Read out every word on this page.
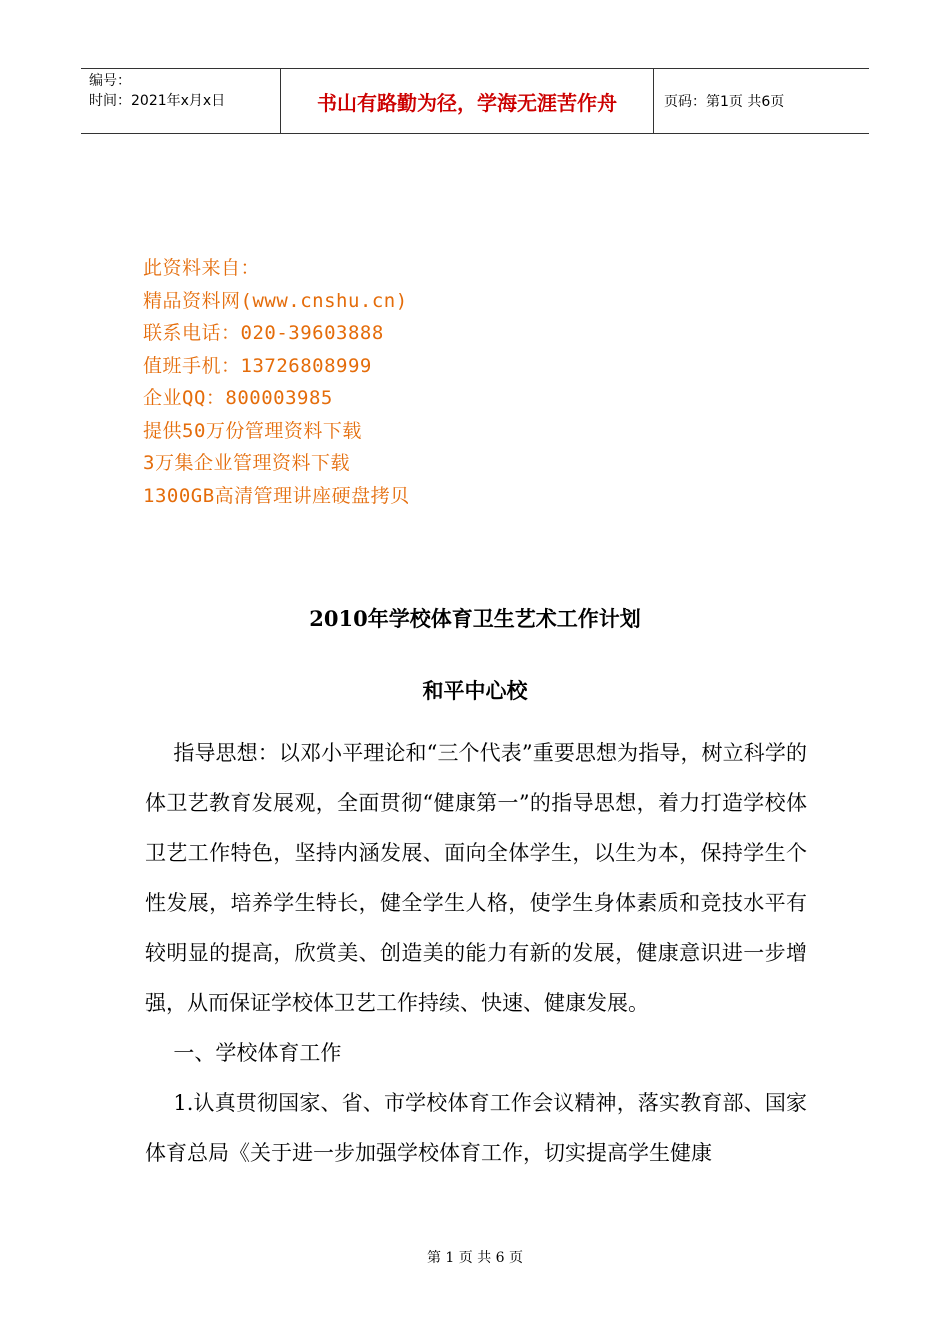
编号：
时间：2021年x月x日	书山有路勤为径，学海无涯苦作舟	页码：第1页 共6页
此资料来自：
精品资料网(www.cnshu.cn)
联系电话：020-39603888
值班手机：13726808999
企业QQ：800003985
提供50万份管理资料下载
3万集企业管理资料下载
1300GB高清管理讲座硬盘拷贝
2010年学校体育卫生艺术工作计划
和平中心校

指导思想：以邓小平理论和“三个代表”重要思想为指导，树立科学的体卫艺教育发展观，全面贯彻“健康第一”的指导思想，着力打造学校体卫艺工作特色，坚持内涵发展、面向全体学生，以生为本，保持学生个性发展，培养学生特长，健全学生人格，使学生身体素质和竞技水平有较明显的提高，欣赏美、创造美的能力有新的发展，健康意识进一步增强，从而保证学校体卫艺工作持续、快速、健康发展。

一、学校体育工作

1.认真贯彻国家、省、市学校体育工作会议精神，落实教育部、国家体育总局《关于进一步加强学校体育工作，切实提高学生健康

第 1 页 共 6 页
